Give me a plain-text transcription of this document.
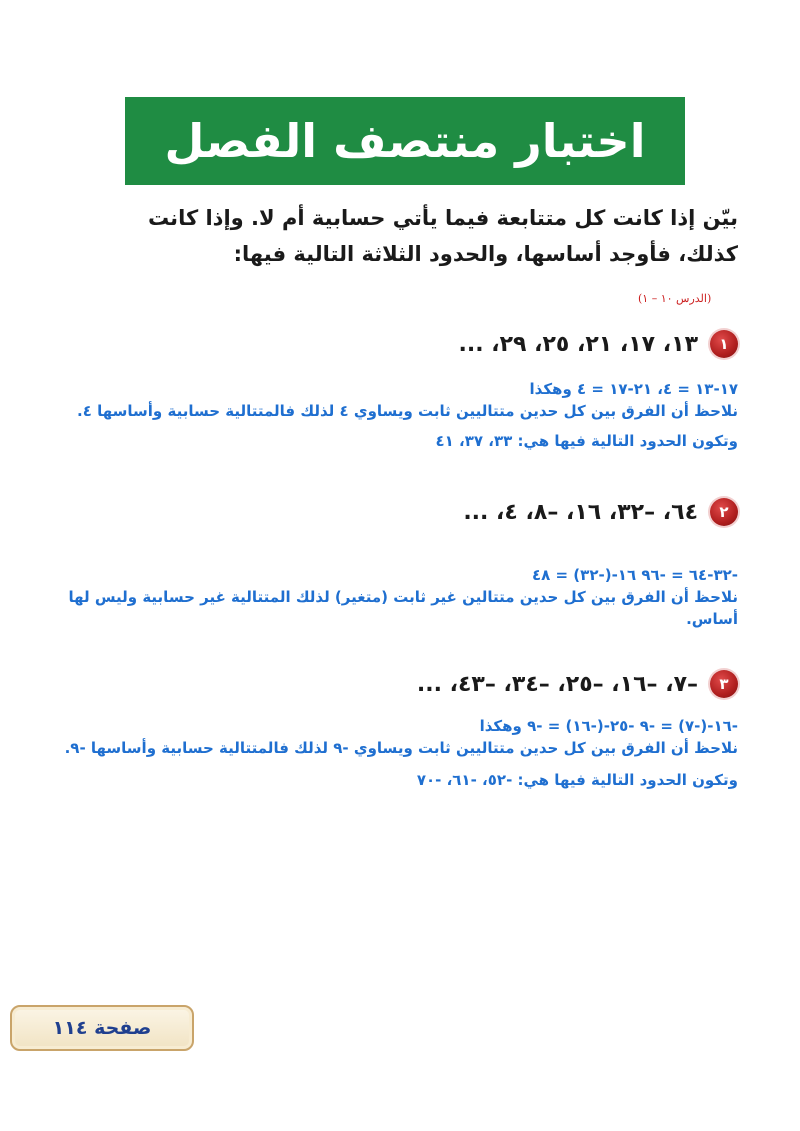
اختبار منتصف الفصل
بيّن إذا كانت كل متتابعة فيما يأتي حسابية أم لا. وإذا كانت
كذلك، فأوجد أساسها، والحدود الثلاثة التالية فيها:
(الدرس ١٠ – ١)
١
١٣، ١٧، ٢١، ٢٥، ٢٩، ...
١٧-١٣ = ٤، ٢١-١٧ = ٤ وهكذا
نلاحظ أن الفرق بين كل حدين متتاليين ثابت ويساوي ٤ لذلك فالمتتالية حسابية وأساسها ٤.
وتكون الحدود التالية فيها هي: ٣٣، ٣٧، ٤١
٢
٦٤، –٣٢، ١٦، –٨، ٤، ...
-٣٢-٦٤ = -٩٦ ١٦-(-٣٢) = ٤٨
نلاحظ أن الفرق بين كل حدين متتالين غير ثابت (متغير) لذلك المتتالية غير حسابية وليس لها أساس.
٣
–٧، –١٦، –٢٥، –٣٤، –٤٣، ...
-١٦-(-٧) = -٩ -٢٥-(-١٦) = -٩ وهكذا
نلاحظ أن الفرق بين كل حدين متتاليين ثابت ويساوي -٩ لذلك فالمتتالية حسابية وأساسها -٩.
وتكون الحدود التالية فيها هي: -٥٢، -٦١، -٧٠
صفحة ١١٤
